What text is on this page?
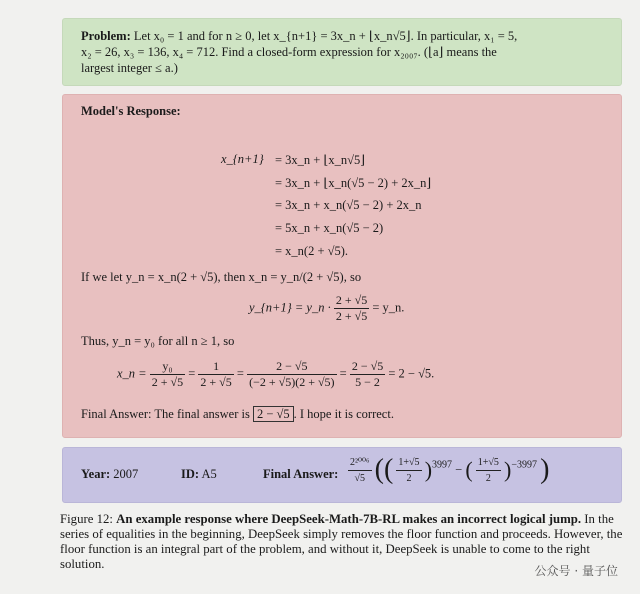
Problem: Let x₀ = 1 and for n ≥ 0, let x_{n+1} = 3x_n + ⌊x_n√5⌋. In particular, x₁ = 5,
x₂ = 26, x₃ = 136, x₄ = 712. Find a closed-form expression for x₂₀₀₇. (⌊a⌋ means the
largest integer ≤ a.)
Model's Response:
x_{n+1} = 3x_n + ⌊x_n√5⌋
= 3x_n + ⌊x_n(√5 − 2) + 2x_n⌋
= 3x_n + x_n(√5 − 2) + 2x_n
= 5x_n + x_n(√5 − 2)
= x_n(2 + √5).
If we let y_n = x_n(2 + √5), then x_n = y_n/(2 + √5), so
y_{n+1} = y_n · $\frac{2 + √5}{2 + √5}$ = y_n.
Thus, y_n = y₀ for all n ≥ 1, so
x_n = $\frac{\text{y₀}}{2 + √5} = \frac{1}{2 + √5} = \frac{2 - √5}{(-2 + √5)(2 + √5)} = \frac{2 - √5}{5 - 2} = 2 - √5$.
Final Answer: The final answer is 2 − √5 . I hope it is correct.
Year: 2007	ID: A5	Final Answer: $\frac{\text{2²⁰⁰⁶}}{√5}$ (( $\frac{1+√5}{2} )^{3997}$ − ( $\frac{1+√5}{2} )^{-3997}$ )
Figure 12: An example response where DeepSeek-Math-7B-RL makes an incorrect logical jump. In the series of equalities in the beginning, DeepSeek simply removes the floor function and proceeds. However, the floor function is an integral part of the problem, and without it, DeepSeek is unable to come to the right solution.	公众号 · 量子位
